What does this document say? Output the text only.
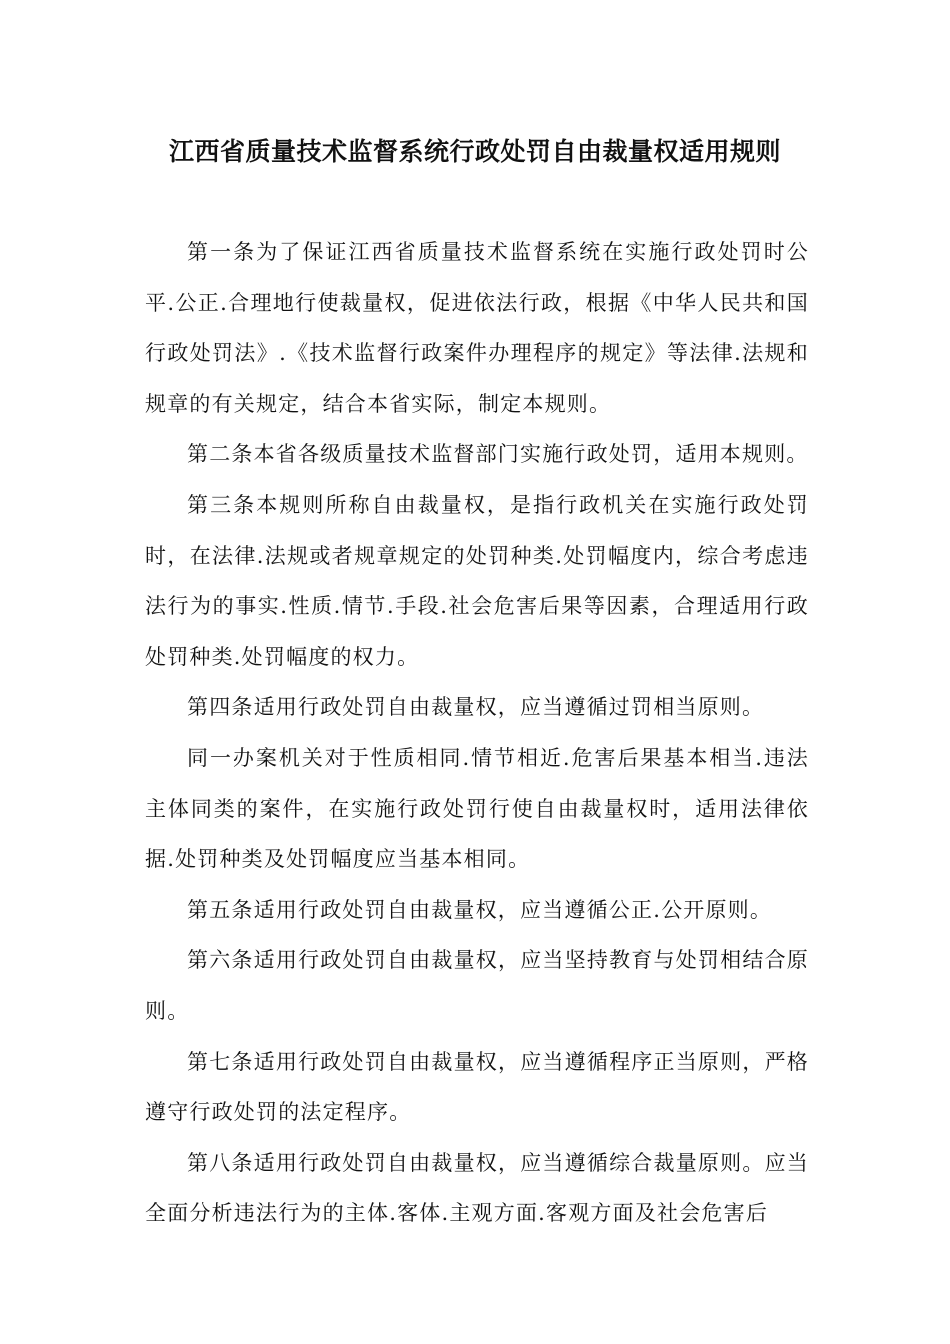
江西省质量技术监督系统行政处罚自由裁量权适用规则

第一条为了保证江西省质量技术监督系统在实施行政处罚时公平.公正.合理地行使裁量权，促进依法行政，根据《中华人民共和国行政处罚法》.《技术监督行政案件办理程序的规定》等法律.法规和规章的有关规定，结合本省实际，制定本规则。

第二条本省各级质量技术监督部门实施行政处罚，适用本规则。

第三条本规则所称自由裁量权，是指行政机关在实施行政处罚时，在法律.法规或者规章规定的处罚种类.处罚幅度内，综合考虑违法行为的事实.性质.情节.手段.社会危害后果等因素，合理适用行政处罚种类.处罚幅度的权力。

第四条适用行政处罚自由裁量权，应当遵循过罚相当原则。

同一办案机关对于性质相同.情节相近.危害后果基本相当.违法主体同类的案件，在实施行政处罚行使自由裁量权时，适用法律依据.处罚种类及处罚幅度应当基本相同。

第五条适用行政处罚自由裁量权，应当遵循公正.公开原则。

第六条适用行政处罚自由裁量权，应当坚持教育与处罚相结合原则。

第七条适用行政处罚自由裁量权，应当遵循程序正当原则，严格遵守行政处罚的法定程序。

第八条适用行政处罚自由裁量权，应当遵循综合裁量原则。应当全面分析违法行为的主体.客体.主观方面.客观方面及社会危害后
